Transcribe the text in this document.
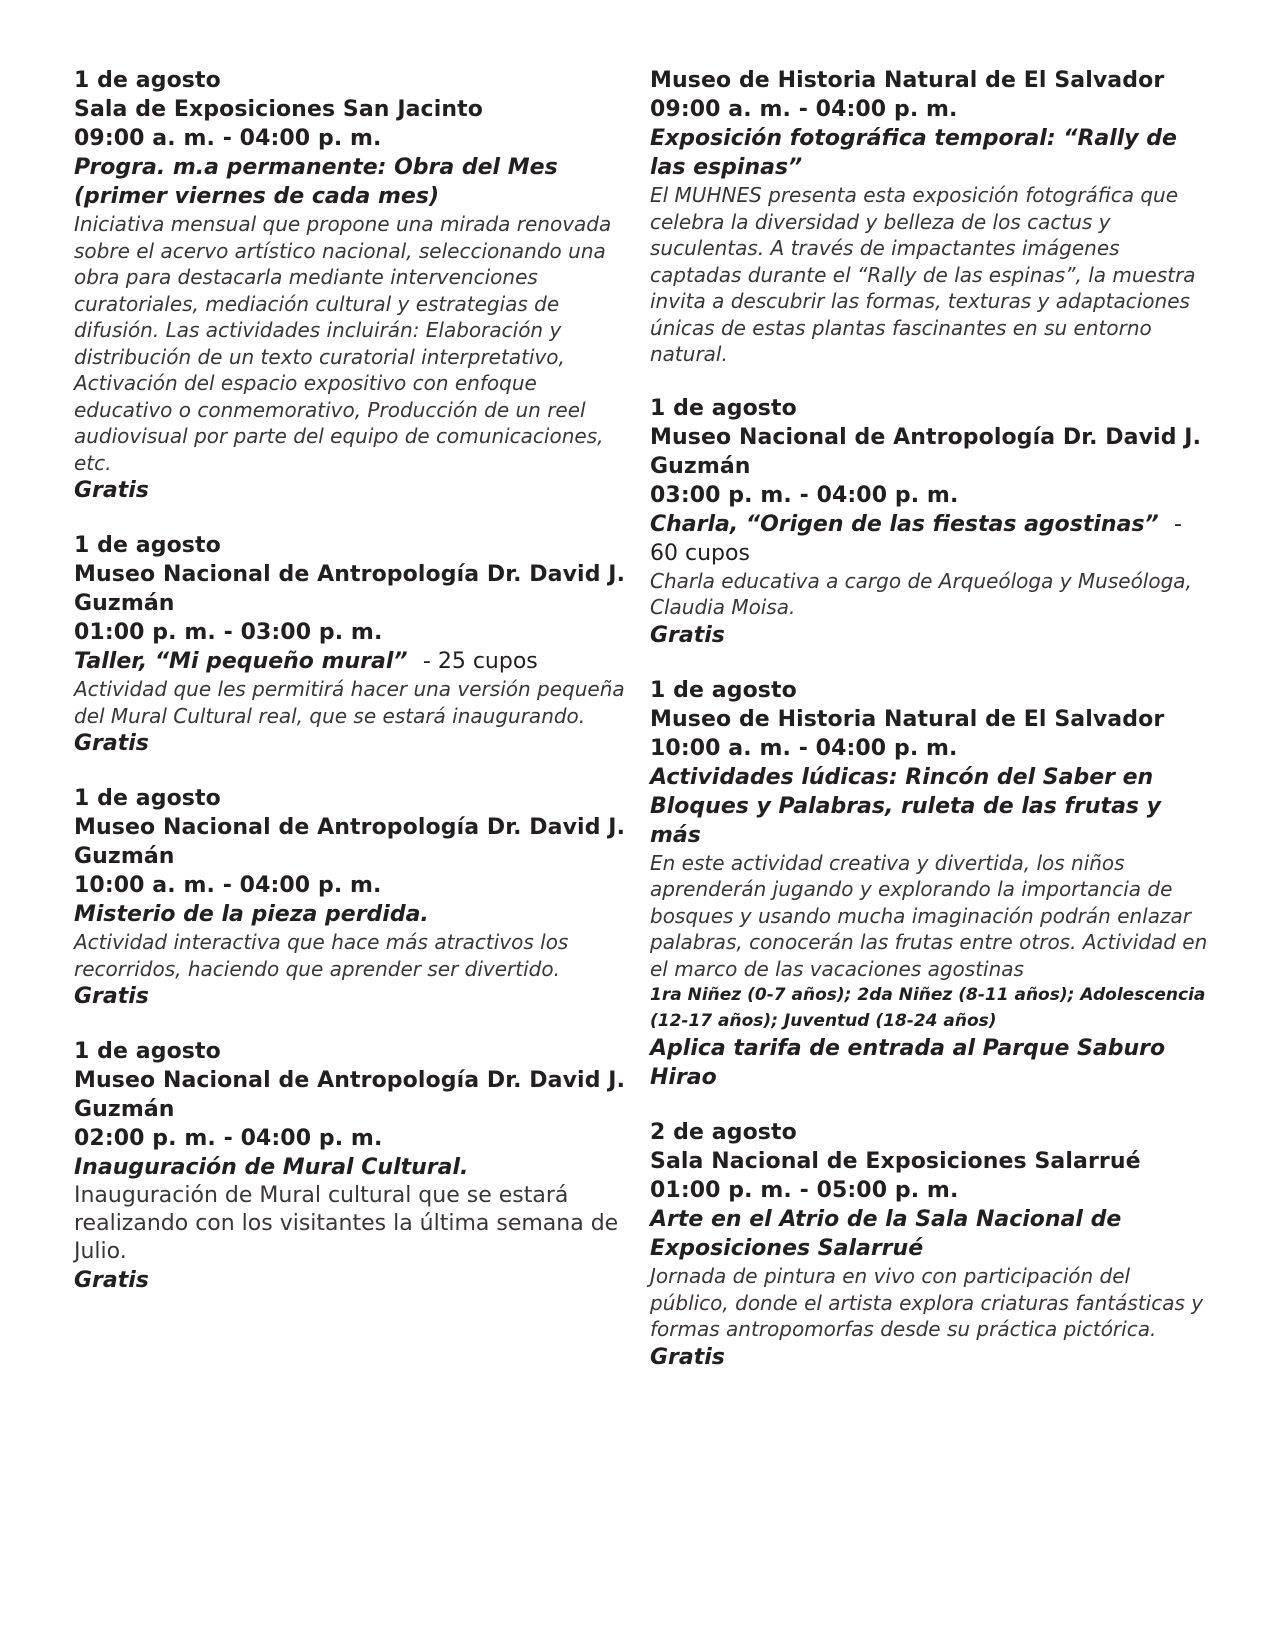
1 de agosto
Sala de Exposiciones San Jacinto
09:00 a. m. - 04:00 p. m.
Progra. m.a permanente: Obra del Mes (primer viernes de cada mes)
Iniciativa mensual que propone una mirada renovada sobre el acervo artístico nacional, seleccionando una obra para destacarla mediante intervenciones curatoriales, mediación cultural y estrategias de difusión. Las actividades incluirán: Elaboración y distribución de un texto curatorial interpretativo, Activación del espacio expositivo con enfoque educativo o conmemorativo, Producción de un reel audiovisual por parte del equipo de comunicaciones, etc.
Gratis
1 de agosto
Museo Nacional de Antropología Dr. David J. Guzmán
01:00 p. m. - 03:00 p. m.
Taller, “Mi pequeño mural” - 25 cupos
Actividad que les permitirá hacer una versión pequeña del Mural Cultural real, que se estará inaugurando.
Gratis
1 de agosto
Museo Nacional de Antropología Dr. David J. Guzmán
10:00 a. m. - 04:00 p. m.
Misterio de la pieza perdida.
Actividad interactiva que hace más atractivos los recorridos, haciendo que aprender ser divertido.
Gratis
1 de agosto
Museo Nacional de Antropología Dr. David J. Guzmán
02:00 p. m. - 04:00 p. m.
Inauguración de Mural Cultural.
Inauguración de Mural cultural que se estará realizando con los visitantes la última semana de Julio.
Gratis
Museo de Historia Natural de El Salvador
09:00 a. m. - 04:00 p. m.
Exposición fotográfica temporal: “Rally de las espinas”
El MUHNES presenta esta exposición fotográfica que celebra la diversidad y belleza de los cactus y suculentas. A través de impactantes imágenes captadas durante el “Rally de las espinas”, la muestra invita a descubrir las formas, texturas y adaptaciones únicas de estas plantas fascinantes en su entorno natural.
1 de agosto
Museo Nacional de Antropología Dr. David J. Guzmán
03:00 p. m. - 04:00 p. m.
Charla, “Origen de las fiestas agostinas” - 60 cupos
Charla educativa a cargo de Arqueóloga y Museóloga, Claudia Moisa.
Gratis
1 de agosto
Museo de Historia Natural de El Salvador
10:00 a. m. - 04:00 p. m.
Actividades lúdicas: Rincón del Saber en Bloques y Palabras, ruleta de las frutas y más
En este actividad creativa y divertida, los niños aprenderán jugando y explorando la importancia de bosques y usando mucha imaginación podrán enlazar palabras, conocerán las frutas entre otros. Actividad en el marco de las vacaciones agostinas
1ra Niñez (0-7 años); 2da Niñez (8-11 años); Adolescencia (12-17 años); Juventud (18-24 años)
Aplica tarifa de entrada al Parque Saburo Hirao
2 de agosto
Sala Nacional de Exposiciones Salarrué
01:00 p. m. - 05:00 p. m.
Arte en el Atrio de la Sala Nacional de Exposiciones Salarrué
Jornada de pintura en vivo con participación del público, donde el artista explora criaturas fantásticas y formas antropomorfas desde su práctica pictórica.
Gratis
